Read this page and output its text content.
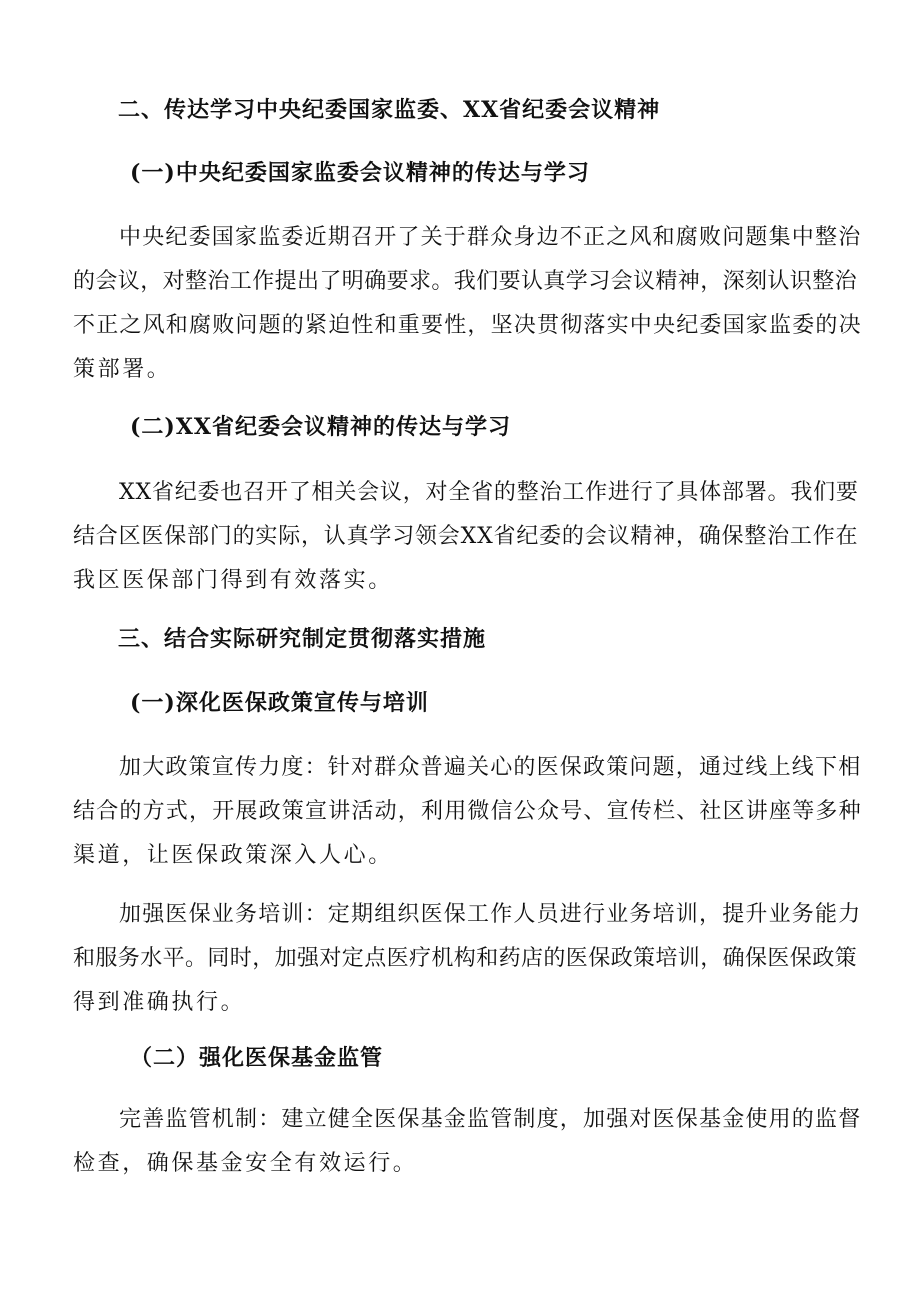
二、传达学习中央纪委国家监委、XX省纪委会议精神
(一)中央纪委国家监委会议精神的传达与学习
中央纪委国家监委近期召开了关于群众身边不正之风和腐败问题集中整治
的会议，对整治工作提出了明确要求。我们要认真学习会议精神，深刻认识整治
不正之风和腐败问题的紧迫性和重要性，坚决贯彻落实中央纪委国家监委的决
策部署。
(二)XX省纪委会议精神的传达与学习
XX省纪委也召开了相关会议，对全省的整治工作进行了具体部署。我们要
结合区医保部门的实际，认真学习领会XX省纪委的会议精神，确保整治工作在
我区医保部门得到有效落实。
三、结合实际研究制定贯彻落实措施
(一)深化医保政策宣传与培训
加大政策宣传力度：针对群众普遍关心的医保政策问题，通过线上线下相
结合的方式，开展政策宣讲活动，利用微信公众号、宣传栏、社区讲座等多种
渠道，让医保政策深入人心。
加强医保业务培训：定期组织医保工作人员进行业务培训，提升业务能力
和服务水平。同时，加强对定点医疗机构和药店的医保政策培训，确保医保政策
得到准确执行。
（二）强化医保基金监管
完善监管机制：建立健全医保基金监管制度，加强对医保基金使用的监督
检查，确保基金安全有效运行。
